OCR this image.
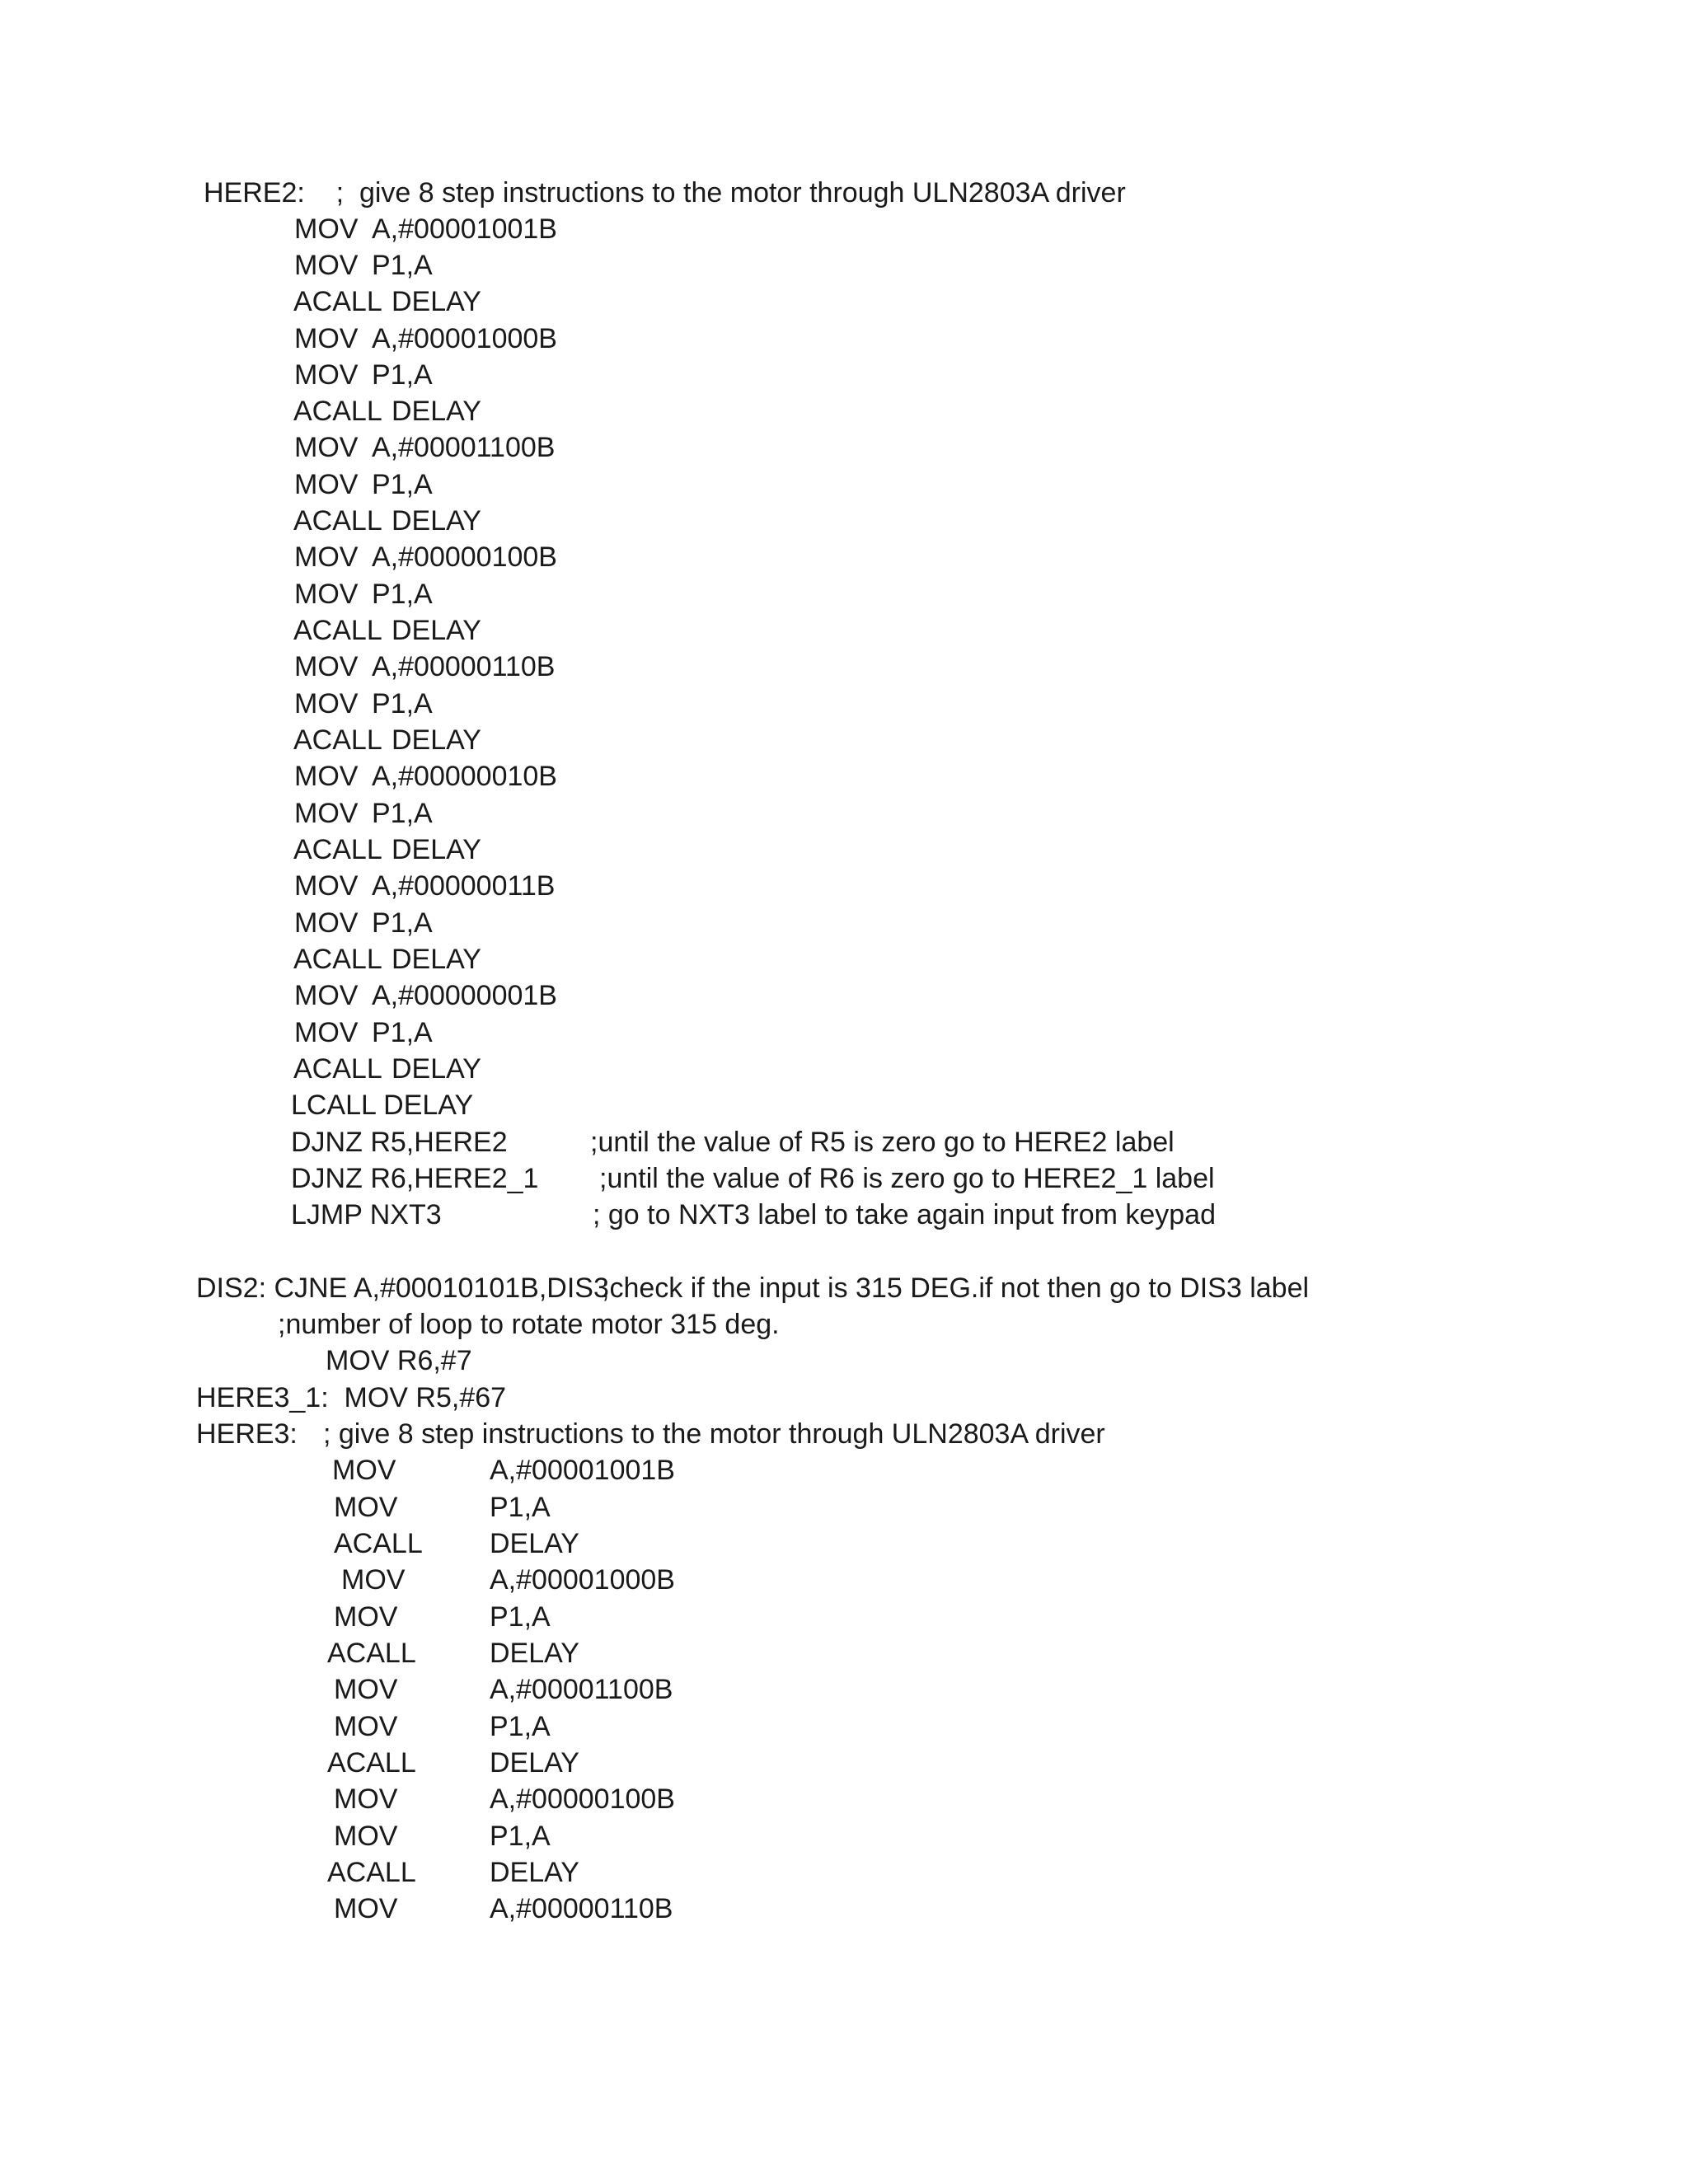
HERE2:    ;  give 8 step instructions to the motor through ULN2803A driver
MOV A,#00001001B
MOV P1,A
ACALL DELAY
MOV A,#00001000B
MOV P1,A
ACALL DELAY
MOV A,#00001100B
MOV P1,A
ACALL DELAY
MOV A,#00000100B
MOV P1,A
ACALL DELAY
MOV A,#00000110B
MOV P1,A
ACALL DELAY
MOV A,#00000010B
MOV P1,A
ACALL DELAY
MOV A,#00000011B
MOV P1,A
ACALL DELAY
MOV A,#00000001B
MOV P1,A
ACALL DELAY
LCALL DELAY
DJNZ R5,HERE2	;until the value of R5 is zero go to HERE2 label
DJNZ R6,HERE2_1 ;until the value of R6 is zero go to HERE2_1 label
LJMP NXT3	; go to NXT3 label to take again input from keypad
DIS2: CJNE A,#00010101B,DIS3
;check if the input is 315 DEG.if not then go to DIS3 label
;number of loop to rotate motor 315 deg.
MOV R6,#7
HERE3_1:  MOV R5,#67
HERE3: ; give 8 step instructions to the motor through ULN2803A driver
MOV	A,#00001001B
MOV	P1,A
ACALL DELAY
MOV	A,#00001000B
MOV	P1,A
ACALL	DELAY
MOV	A,#00001100B
MOV	P1,A
ACALL	DELAY
MOV	A,#00000100B
MOV	P1,A
ACALL	DELAY
MOV	A,#00000110B
